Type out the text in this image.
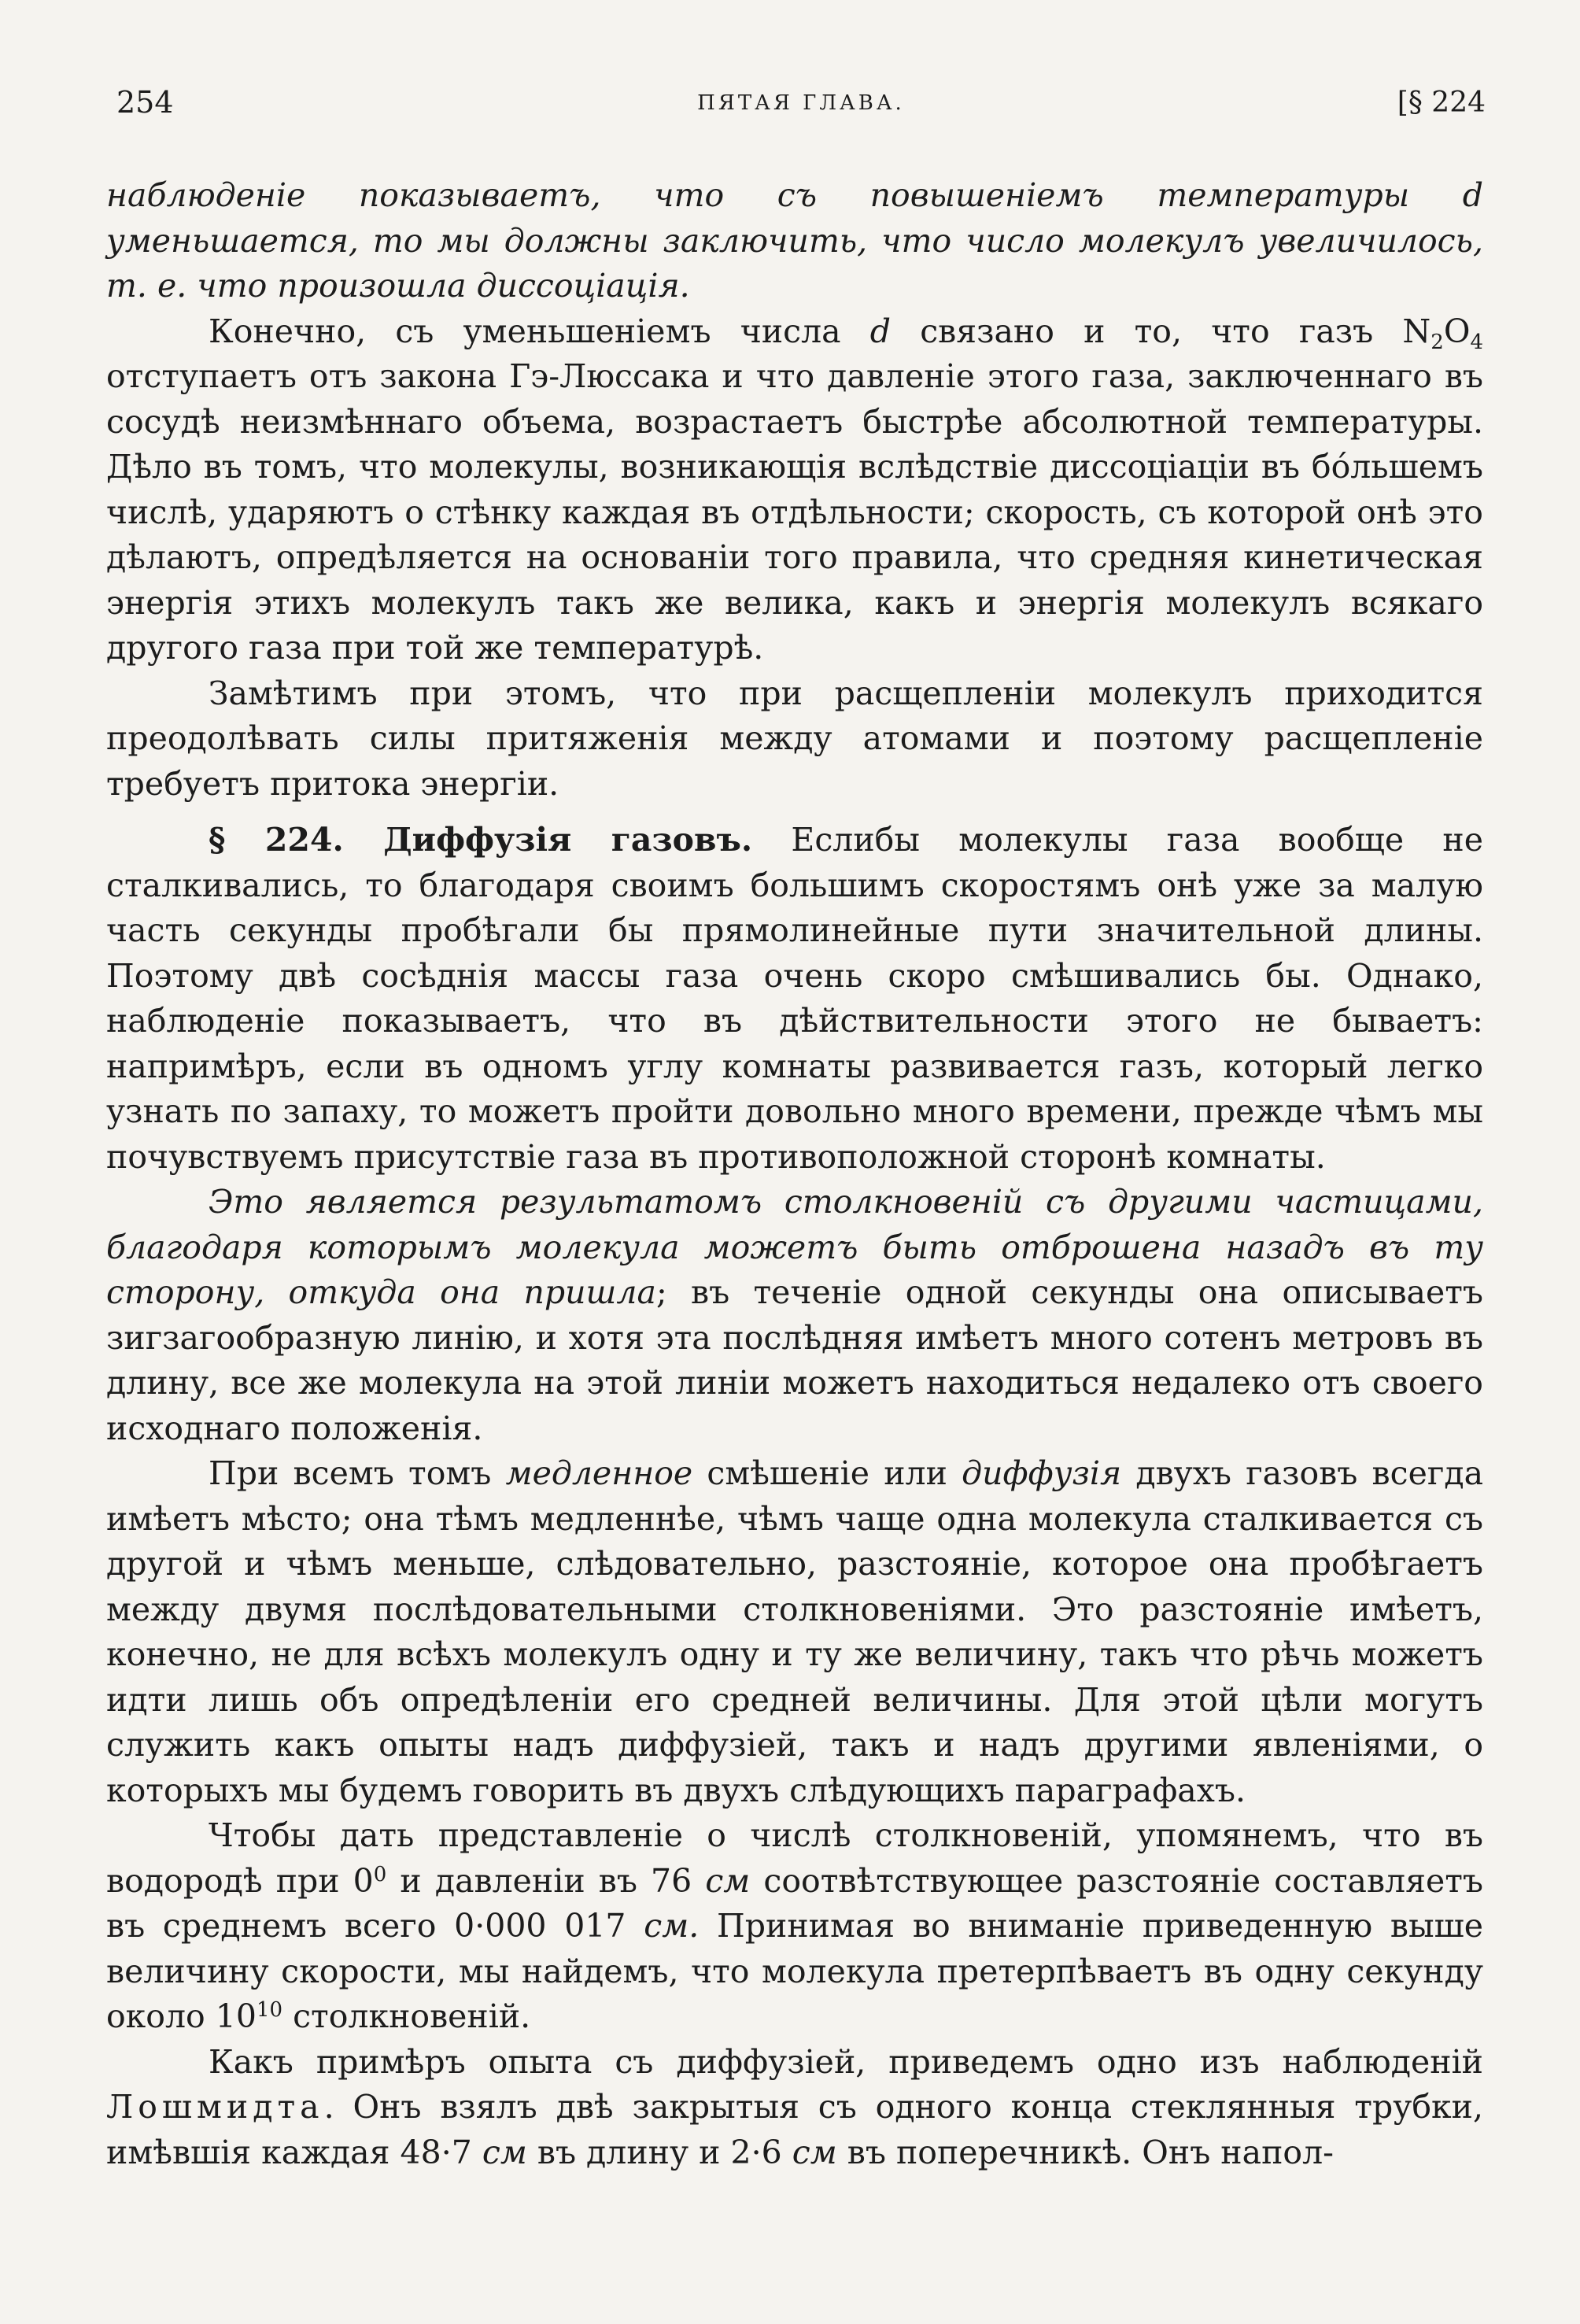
254	ПЯТАЯ ГЛАВА.	[§ 224

наблюденіе показываетъ, что съ повышеніемъ температуры d уменьшается, то мы должны заключить, что число молекулъ увеличилось, т. е. что произошла диссоціація.

Конечно, съ уменьшеніемъ числа d связано и то, что газъ $N_2O_4$ отступаетъ отъ закона Гэ-Люссака и что давленіе этого газа, заключеннаго въ сосудѣ неизмѣннаго объема, возрастаетъ быстрѣе абсолютной температуры. Дѣло въ томъ, что молекулы, возникающія вслѣдствіе диссоціаціи въ бóльшемъ числѣ, ударяютъ о стѣнку каждая въ отдѣльности; скорость, съ которой онѣ это дѣлаютъ, опредѣляется на основаніи того правила, что средняя кинетическая энергія этихъ молекулъ такъ же велика, какъ и энергія молекулъ всякаго другого газа при той же температурѣ.

Замѣтимъ при этомъ, что при расщепленіи молекулъ приходится преодолѣвать силы притяженія между атомами и поэтому расщепленіе требуетъ притока энергіи.

§ 224. Диффузія газовъ. Еслибы молекулы газа вообще не сталкивались, то благодаря своимъ большимъ скоростямъ онѣ уже за малую часть секунды пробѣгали бы прямолинейные пути значительной длины. Поэтому двѣ сосѣднія массы газа очень скоро смѣшивались бы. Однако, наблюденіе показываетъ, что въ дѣйствительности этого не бываетъ: напримѣръ, если въ одномъ углу комнаты развивается газъ, который легко узнать по запаху, то можетъ пройти довольно много времени, прежде чѣмъ мы почувствуемъ присутствіе газа въ противоположной сторонѣ комнаты.

Это является результатомъ столкновеній съ другими частицами, благодаря которымъ молекула можетъ быть отброшена назадъ въ ту сторону, откуда она пришла; въ теченіе одной секунды она описываетъ зигзагообразную линію, и хотя эта послѣдняя имѣетъ много сотенъ метровъ въ длину, все же молекула на этой линіи можетъ находиться недалеко отъ своего исходнаго положенія.

При всемъ томъ медленное смѣшеніе или диффузія двухъ газовъ всегда имѣетъ мѣсто; она тѣмъ медленнѣе, чѣмъ чаще одна молекула сталкивается съ другой и чѣмъ меньше, слѣдовательно, разстояніе, которое она пробѣгаетъ между двумя послѣдовательными столкновеніями. Это разстояніе имѣетъ, конечно, не для всѣхъ молекулъ одну и ту же величину, такъ что рѣчь можетъ идти лишь объ опредѣленіи его средней величины. Для этой цѣли могутъ служить какъ опыты надъ диффузіей, такъ и надъ другими явленіями, о которыхъ мы будемъ говорить въ двухъ слѣдующихъ параграфахъ.

Чтобы дать представленіе о числѣ столкновеній, упомянемъ, что въ водородѣ при $0^0$ и давленіи въ 76 см соотвѣтствующее разстояніе составляетъ въ среднемъ всего 0·000 017 см. Принимая во вниманіе приведенную выше величину скорости, мы найдемъ, что молекула претерпѣваетъ въ одну секунду около $10^{10}$ столкновеній.

Какъ примѣръ опыта съ диффузіей, приведемъ одно изъ наблюденій Лошмидта. Онъ взялъ двѣ закрытыя съ одного конца стеклянныя трубки, имѣвшія каждая 48·7 см въ длину и 2·6 см въ поперечникѣ. Онъ напол-
